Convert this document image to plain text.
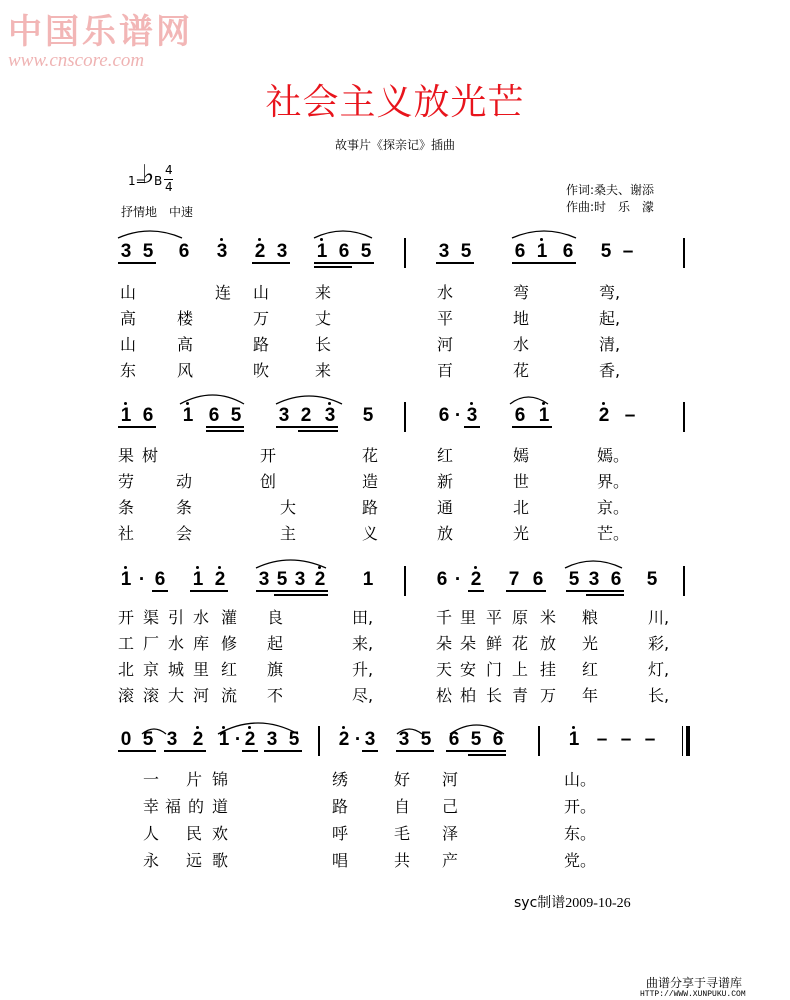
中国乐谱网
www.cnscore.com
社会主义放光芒
故事片《探亲记》插曲
1=
♭ B
4
4
抒情地　中速
作词:桑夫、谢添
作曲:时　乐　濛
3 5 6 3 2 3 1 6 5	3 5 6 1 6 5 –
山	连 山	来	水	弯	弯,
高	楼	万	丈	平	地	起,
山	高	路	长	河	水	清,
东	风	吹	来	百	花	香,
1 6 1 6 5 3 2 3 5	6 · 3 6 1	2 –
果 树	开	花	红	嫣	嫣。
劳	动	创	造	新	世	界。
条	条	大	路	通	北	京。
社	会	主	义	放	光	芒。
1 · 6 1 2 3 5 3 2 1	6 · 2 7 6 5 3 6 5
开 渠 引 水 灌 良	田,	千 里 平 原 米 粮	川,
工 厂 水 库 修 起	来,	朵 朵 鲜 花 放 光	彩,
北 京 城 里 红 旗	升,	天 安 门 上 挂 红	灯,
滚 滚 大 河 流 不	尽,	松 柏 长 青 万 年	长,
0 5 3 2 1 · 2 3 5 2 · 3 3 5 6 5 6	1 – – –
一 片 锦	绣	好 河	山。
幸 福 的 道	路	自 己	开。
人 民 欢	呼	毛 泽	东。
永 远 歌	唱	共 产	党。
syc制谱2009-10-26
曲谱分享于寻谱库
HTTP://WWW.XUNPUKU.COM
